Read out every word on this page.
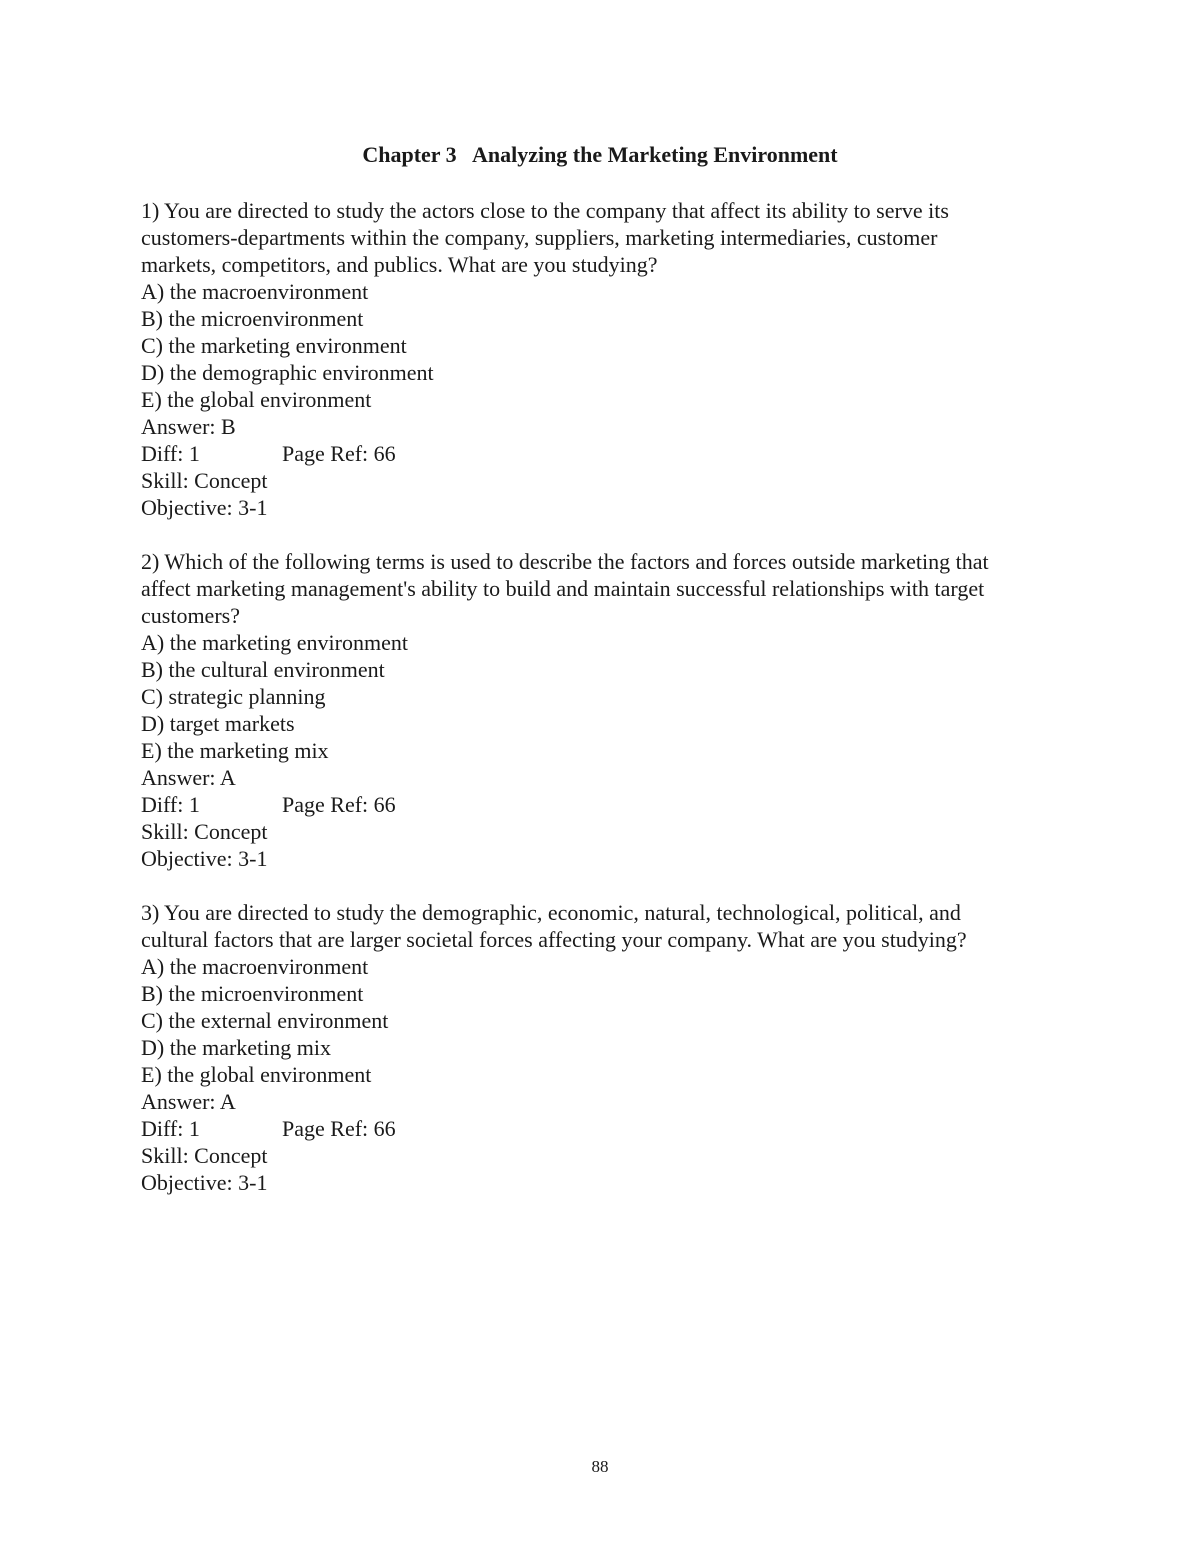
Chapter 3   Analyzing the Marketing Environment

1) You are directed to study the actors close to the company that affect its ability to serve its

customers-departments within the company, suppliers, marketing intermediaries, customer

markets, competitors, and publics. What are you studying?

A) the macroenvironment

B) the microenvironment

C) the marketing environment

D) the demographic environment

E) the global environment

Answer: B

Diff: 1	Page Ref: 66

Skill: Concept

Objective: 3-1

2) Which of the following terms is used to describe the factors and forces outside marketing that

affect marketing management's ability to build and maintain successful relationships with target

customers?

A) the marketing environment

B) the cultural environment

C) strategic planning

D) target markets

E) the marketing mix

Answer: A

Diff: 1	Page Ref: 66

Skill: Concept

Objective: 3-1

3) You are directed to study the demographic, economic, natural, technological, political, and

cultural factors that are larger societal forces affecting your company. What are you studying?

A) the macroenvironment

B) the microenvironment

C) the external environment

D) the marketing mix

E) the global environment

Answer: A

Diff: 1	Page Ref: 66

Skill: Concept

Objective: 3-1

88
